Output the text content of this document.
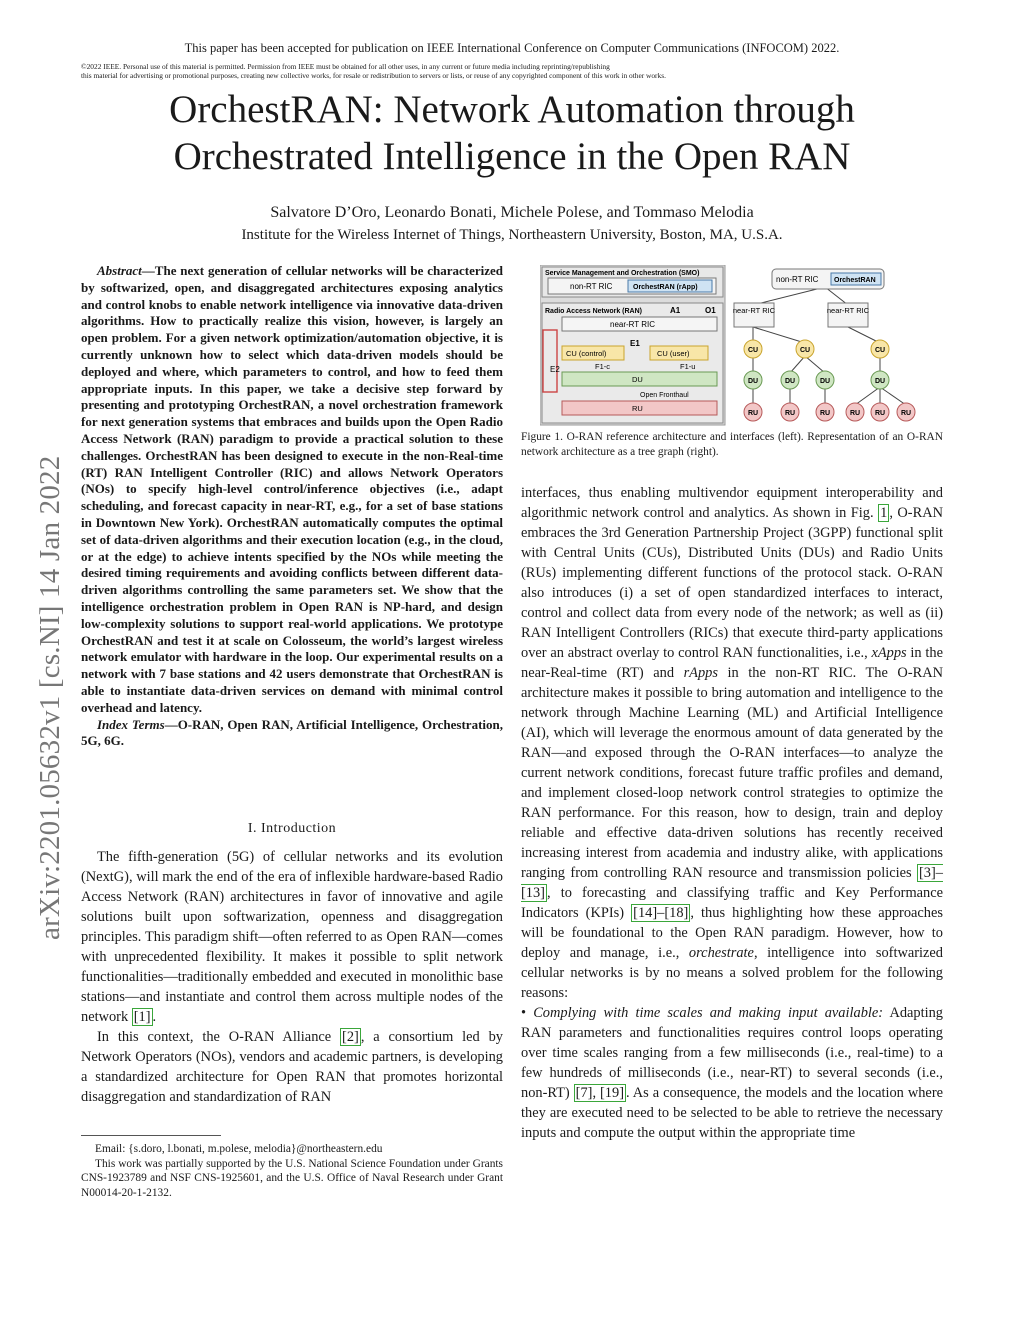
This paper has been accepted for publication on IEEE International Conference on Computer Communications (INFOCOM) 2022.
©2022 IEEE. Personal use of this material is permitted. Permission from IEEE must be obtained for all other uses, in any current or future media including reprinting/republishing
this material for advertising or promotional purposes, creating new collective works, for resale or redistribution to servers or lists, or reuse of any copyrighted component of this work in other works.
OrchestRAN: Network Automation through
Orchestrated Intelligence in the Open RAN
Salvatore D’Oro, Leonardo Bonati, Michele Polese, and Tommaso Melodia
Institute for the Wireless Internet of Things, Northeastern University, Boston, MA, U.S.A.
arXiv:2201.05632v1 [cs.NI] 14 Jan 2022

Abstract—The next generation of cellular networks will be characterized by softwarized, open, and disaggregated architectures exposing analytics and control knobs to enable network intelligence via innovative data-driven algorithms. How to practically realize this vision, however, is largely an open problem. For a given network optimization/automation objective, it is currently unknown how to select which data-driven models should be deployed and where, which parameters to control, and how to feed them appropriate inputs. In this paper, we take a decisive step forward by presenting and prototyping OrchestRAN, a novel orchestration framework for next generation systems that embraces and builds upon the Open Radio Access Network (RAN) paradigm to provide a practical solution to these challenges. OrchestRAN has been designed to execute in the non-Real-time (RT) RAN Intelligent Controller (RIC) and allows Network Operators (NOs) to specify high-level control/inference objectives (i.e., adapt scheduling, and forecast capacity in near-RT, e.g., for a set of base stations in Downtown New York). OrchestRAN automatically computes the optimal set of data-driven algorithms and their execution location (e.g., in the cloud, or at the edge) to achieve intents specified by the NOs while meeting the desired timing requirements and avoiding conflicts between different data-driven algorithms controlling the same parameters set. We show that the intelligence orchestration problem in Open RAN is NP-hard, and design low-complexity solutions to support real-world applications. We prototype OrchestRAN and test it at scale on Colosseum, the world’s largest wireless network emulator with hardware in the loop. Our experimental results on a network with 7 base stations and 42 users demonstrate that OrchestRAN is able to instantiate data-driven services on demand with minimal control overhead and latency.

Index Terms—O-RAN, Open RAN, Artificial Intelligence, Orchestration, 5G, 6G.

I. Introduction

The fifth-generation (5G) of cellular networks and its evolution (NextG), will mark the end of the era of inflexible hardware-based Radio Access Network (RAN) architectures in favor of innovative and agile solutions built upon softwarization, openness and disaggregation principles. This paradigm shift—often referred to as Open RAN—comes with unprecedented flexibility. It makes it possible to split network functionalities—traditionally embedded and executed in monolithic base stations—and instantiate and control them across multiple nodes of the network [1] .

In this context, the O-RAN Alliance [2] , a consortium led by Network Operators (NOs), vendors and academic partners, is developing a standardized architecture for Open RAN that promotes horizontal disaggregation and standardization of RAN

Email: {s.doro, l.bonati, m.polese, melodia}@northeastern.edu
This work was partially supported by the U.S. National Science Foundation under Grants CNS-1923789 and NSF CNS-1925601, and the U.S. Office of Naval Research under Grant N00014-20-1-2132.
Service Management and Orchestration (SMO)
non-RT RIC	OrchestRAN (rApp)
Radio Access Network (RAN)	A1	O1
near-RT RIC
E2
E1
CU (control)	CU (user)
F1-c	F1-u
DU
Open Fronthaul
RU
non-RT RIC OrchestRAN
near-RT RIC	near-RT RIC
CU	CU	CU
DU	DU	DU	DU
RU	RU	RU	RU RU RU
Figure 1. O-RAN reference architecture and interfaces (left). Representation of an O-RAN network architecture as a tree graph (right).

interfaces, thus enabling multivendor equipment interoperability and algorithmic network control and analytics. As shown in Fig. 1 , O-RAN embraces the 3rd Generation Partnership Project (3GPP) functional split with Central Units (CUs), Distributed Units (DUs) and Radio Units (RUs) implementing different functions of the protocol stack. O-RAN also introduces (i) a set of open standardized interfaces to interact, control and collect data from every node of the network; as well as (ii) RAN Intelligent Controllers (RICs) that execute third-party applications over an abstract overlay to control RAN functionalities, i.e., xApps in the near-Real-time (RT) and rApps in the non-RT RIC. The O-RAN architecture makes it possible to bring automation and intelligence to the network through Machine Learning (ML) and Artificial Intelligence (AI), which will leverage the enormous amount of data generated by the RAN—and exposed through the O-RAN interfaces—to analyze the current network conditions, forecast future traffic profiles and demand, and implement closed-loop network control strategies to optimize the RAN performance. For this reason, how to design, train and deploy reliable and effective data-driven solutions has recently received increasing interest from academia and industry alike, with applications ranging from controlling RAN resource and transmission policies [3]–[13] , to forecasting and classifying traffic and Key Performance Indicators (KPIs) [14]–[18] , thus highlighting how these approaches will be foundational to the Open RAN paradigm. However, how to deploy and manage, i.e., orchestrate, intelligence into softwarized cellular networks is by no means a solved problem for the following reasons:

• Complying with time scales and making input available: Adapting RAN parameters and functionalities requires control loops operating over time scales ranging from a few milliseconds (i.e., real-time) to a few hundreds of milliseconds (i.e., near-RT) to several seconds (i.e., non-RT) [7], [19] . As a consequence, the models and the location where they are executed need to be selected to be able to retrieve the necessary inputs and compute the output within the appropriate time
